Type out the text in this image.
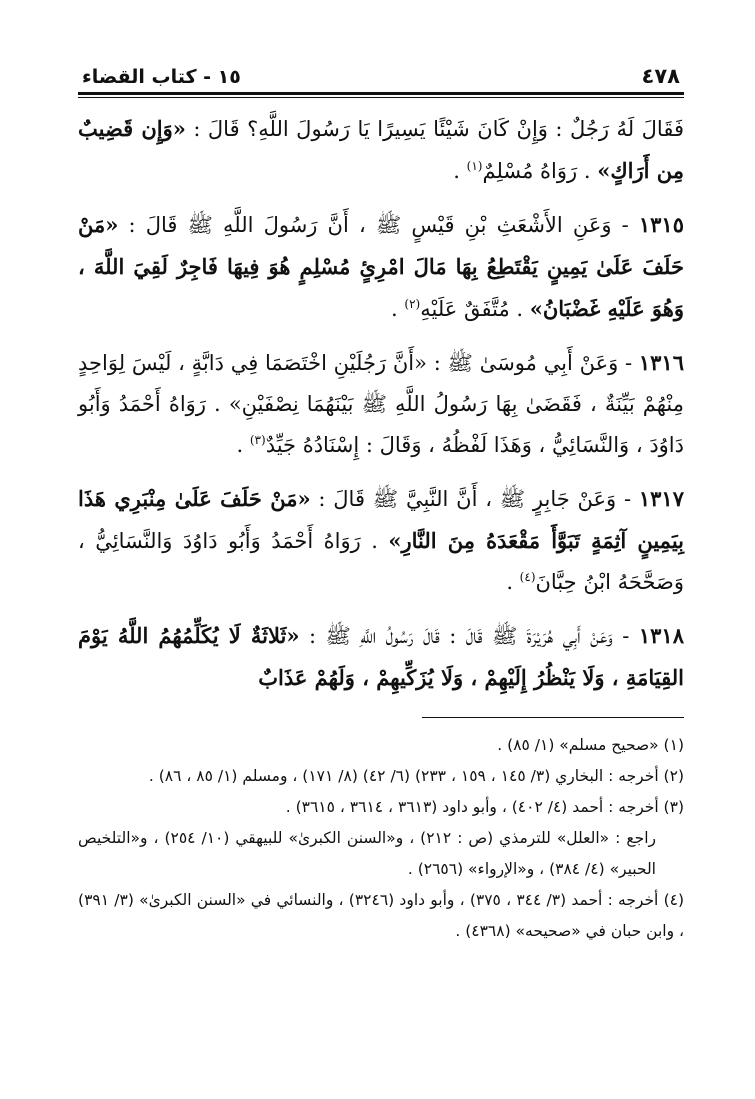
٤٧٨
١٥ - كتاب القضاء

فَقَالَ لَهُ رَجُلٌ : وَإِنْ كَانَ شَيْئًا يَسِيرًا يَا رَسُولَ اللَّهِ؟ قَالَ : «وَإِن قَضِيبٌ مِن أَرَاكٍ» . رَوَاهُ مُسْلِمٌ$^{(١)}$ .

١٣١٥ - وَعَنِ الأَشْعَثِ بْنِ قَيْسٍ ﷺ ، أَنَّ رَسُولَ اللَّهِ ﷺ قَالَ : «مَنْ حَلَفَ عَلَىٰ يَمِينٍ يَقْتَطِعُ بِهَا مَالَ امْرِئٍ مُسْلِمٍ هُوَ فِيهَا فَاجِرٌ لَقِيَ اللَّهَ ، وَهُوَ عَلَيْهِ غَضْبَانُ» . مُتَّفَقٌ عَلَيْهِ$^{(٢)}$ .

١٣١٦ - وَعَنْ أَبِي مُوسَىٰ ﷺ : «أَنَّ رَجُلَيْنِ اخْتَصَمَا فِي دَابَّةٍ ، لَيْسَ لِوَاحِدٍ مِنْهُمْ بَيِّنَةٌ ، فَقَضَىٰ بِهَا رَسُولُ اللَّهِ ﷺ بَيْنَهُمَا نِصْفَيْنِ» . رَوَاهُ أَحْمَدُ وَأَبُو دَاوُدَ ، وَالنَّسَائِيُّ ، وَهَذَا لَفْظُهُ ، وَقَالَ : إِسْنَادُهُ جَيِّدٌ$^{(٣)}$ .

١٣١٧ - وَعَنْ جَابِرٍ ﷺ ، أَنَّ النَّبِيَّ ﷺ قَالَ : «مَنْ حَلَفَ عَلَىٰ مِنْبَرِي هَذَا بِيَمِينٍ آثِمَةٍ تَبَوَّأَ مَقْعَدَهُ مِنَ النَّارِ» . رَوَاهُ أَحْمَدُ وَأَبُو دَاوُدَ وَالنَّسَائِيُّ ، وَصَحَّحَهُ ابْنُ حِبَّانَ$^{(٤)}$ .

١٣١٨ - وَعَنْ أَبِي هُرَيْرَةَ ﷺ قَالَ : قَالَ رَسُولُ اللَّهِ ﷺ : «ثَلاثَةٌ لَا يُكَلِّمُهُمُ اللَّهُ يَوْمَ القِيَامَةِ ، وَلَا يَنْظُرُ إِلَيْهِمْ ، وَلَا يُزَكِّيهِمْ ، وَلَهُمْ عَذَابٌ

(١) «صحيح مسلم» (١/ ٨٥) .

(٢) أخرجه : البخاري (٣/ ١٤٥ ، ١٥٩ ، ٢٣٣) (٦/ ٤٢) (٨/ ١٧١) ، ومسلم (١/ ٨٥ ، ٨٦) .

(٣) أخرجه : أحمد (٤/ ٤٠٢) ، وأبو داود (٣٦١٣ ، ٣٦١٤ ، ٣٦١٥) .

راجع : «العلل» للترمذي (ص : ٢١٢) ، و«السنن الكبرىٰ» للبيهقي (١٠/ ٢٥٤) ، و«التلخيص الحبير» (٤/ ٣٨٤) ، و«الإرواء» (٢٦٥٦) .

(٤) أخرجه : أحمد (٣/ ٣٤٤ ، ٣٧٥) ، وأبو داود (٣٢٤٦) ، والنسائي في «السنن الكبرىٰ» (٣/ ٣٩١) ، وابن حبان في «صحيحه» (٤٣٦٨) .
